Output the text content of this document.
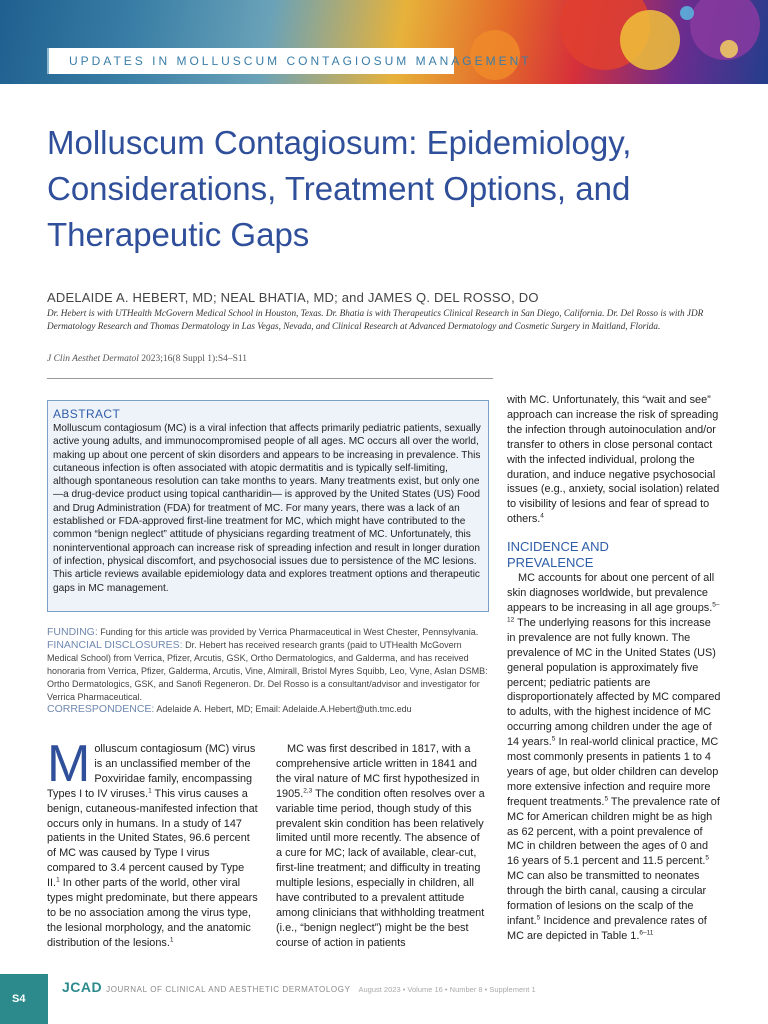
UPDATES IN MOLLUSCUM CONTAGIOSUM MANAGEMENT
Molluscum Contagiosum: Epidemiology, Considerations, Treatment Options, and Therapeutic Gaps
ADELAIDE A. HEBERT, MD; NEAL BHATIA, MD; and JAMES Q. DEL ROSSO, DO
Dr. Hebert is with UTHealth McGovern Medical School in Houston, Texas. Dr. Bhatia is with Therapeutics Clinical Research in San Diego, California. Dr. Del Rosso is with JDR Dermatology Research and Thomas Dermatology in Las Vegas, Nevada, and Clinical Research at Advanced Dermatology and Cosmetic Surgery in Maitland, Florida.
J Clin Aesthet Dermatol 2023;16(8 Suppl 1):S4–S11
ABSTRACT
Molluscum contagiosum (MC) is a viral infection that affects primarily pediatric patients, sexually active young adults, and immunocompromised people of all ages. MC occurs all over the world, making up about one percent of skin disorders and appears to be increasing in prevalence. This cutaneous infection is often associated with atopic dermatitis and is typically self-limiting, although spontaneous resolution can take months to years. Many treatments exist, but only one—a drug-device product using topical cantharidin— is approved by the United States (US) Food and Drug Administration (FDA) for treatment of MC. For many years, there was a lack of an established or FDA-approved first-line treatment for MC, which might have contributed to the common “benign neglect” attitude of physicians regarding treatment of MC. Unfortunately, this noninterventional approach can increase risk of spreading infection and result in longer duration of infection, physical discomfort, and psychosocial issues due to persistence of the MC lesions. This article reviews available epidemiology data and explores treatment options and therapeutic gaps in MC management.
FUNDING: Funding for this article was provided by Verrica Pharmaceutical in West Chester, Pennsylvania.
FINANCIAL DISCLOSURES: Dr. Hebert has received research grants (paid to UTHealth McGovern Medical School) from Verrica, Pfizer, Arcutis, GSK, Ortho Dermatologics, and Galderma, and has received honoraria from Verrica, Pfizer, Galderma, Arcutis, Vine, Almirall, Bristol Myres Squibb, Leo, Vyne, Aslan DSMB: Ortho Dermatologics, GSK, and Sanofi Regeneron. Dr. Del Rosso is a consultant/advisor and investigator for Verrica Pharmaceutical.
CORRESPONDENCE: Adelaide A. Hebert, MD; Email: Adelaide.A.Hebert@uth.tmc.edu
Molluscum contagiosum (MC) virus is an unclassified member of the Poxviridae family, encompassing Types I to IV viruses.$^1$ This virus causes a benign, cutaneous-manifested infection that occurs only in humans. In a study of 147 patients in the United States, 96.6 percent of MC was caused by Type I virus compared to 3.4 percent caused by Type II.$^1$ In other parts of the world, other viral types might predominate, but there appears to be no association among the virus type, the lesional morphology, and the anatomic distribution of the lesions.$^1$
MC was first described in 1817, with a comprehensive article written in 1841 and the viral nature of MC first hypothesized in 1905.$^{2,3}$ The condition often resolves over a variable time period, though study of this prevalent skin condition has been relatively limited until more recently. The absence of a cure for MC; lack of available, clear-cut, first-line treatment; and difficulty in treating multiple lesions, especially in children, all have contributed to a prevalent attitude among clinicians that withholding treatment (i.e., “benign neglect”) might be the best course of action in patients
with MC. Unfortunately, this “wait and see” approach can increase the risk of spreading the infection through autoinoculation and/or transfer to others in close personal contact with the infected individual, prolong the duration, and induce negative psychosocial issues (e.g., anxiety, social isolation) related to visibility of lesions and fear of spread to others.$^4$
INCIDENCE AND
PREVALENCE
MC accounts for about one percent of all skin diagnoses worldwide, but prevalence appears to be increasing in all age groups.$^{5-12}$ The underlying reasons for this increase in prevalence are not fully known. The prevalence of MC in the United States (US) general population is approximately five percent; pediatric patients are disproportionately affected by MC compared to adults, with the highest incidence of MC occurring among children under the age of 14 years.$^5$ In real-world clinical practice, MC most commonly presents in patients 1 to 4 years of age, but older children can develop more extensive infection and require more frequent treatments.$^5$ The prevalence rate of MC for American children might be as high as 62 percent, with a point prevalence of MC in children between the ages of 0 and 16 years of 5.1 percent and 11.5 percent.$^5$ MC can also be transmitted to neonates through the birth canal, causing a circular formation of lesions on the scalp of the infant.$^5$ Incidence and prevalence rates of MC are depicted in Table 1.$^{6-11}$
S4
JCAD JOURNAL OF CLINICAL AND AESTHETIC DERMATOLOGY August 2023 • Volume 16 • Number 8 • Supplement 1
